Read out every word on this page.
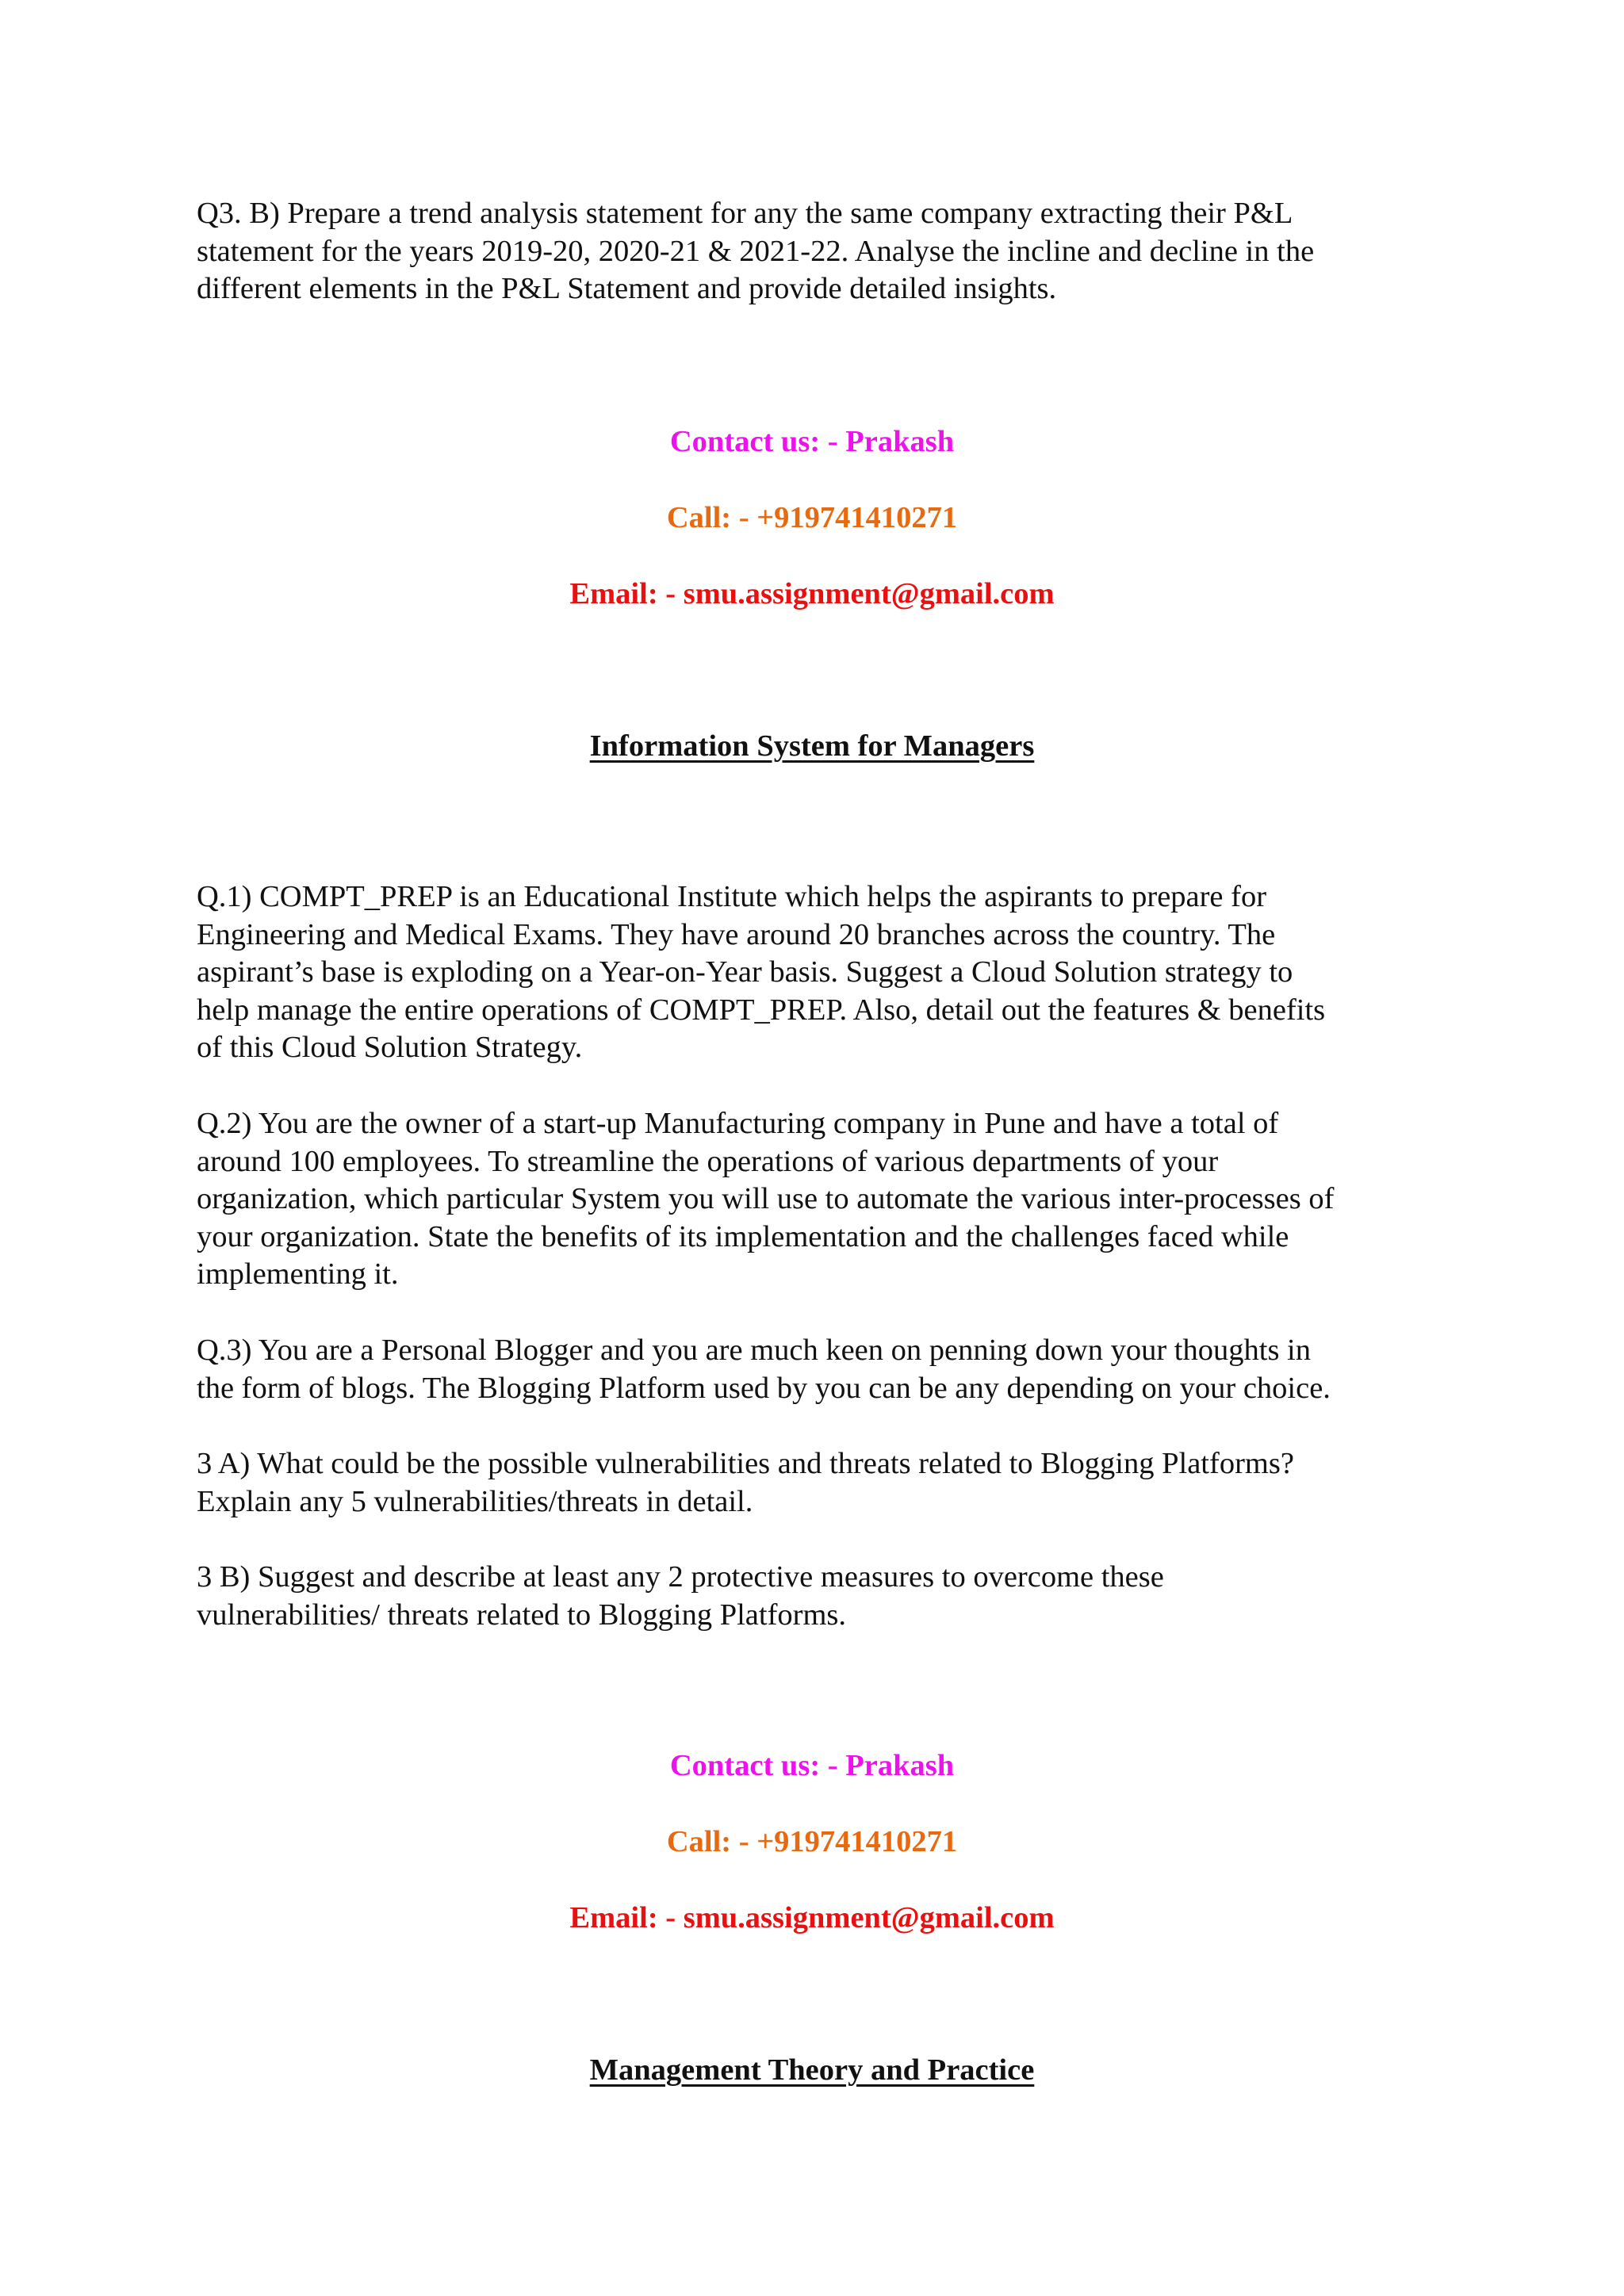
Q3. B) Prepare a trend analysis statement for any the same company extracting their P&L
statement for the years 2019-20, 2020-21 & 2021-22. Analyse the incline and decline in the
different elements in the P&L Statement and provide detailed insights.

Contact us: - Prakash

Call: - +919741410271

Email: - smu.assignment@gmail.com

Information System for Managers

Q.1) COMPT_PREP is an Educational Institute which helps the aspirants to prepare for
Engineering and Medical Exams. They have around 20 branches across the country. The
aspirant’s base is exploding on a Year-on-Year basis. Suggest a Cloud Solution strategy to
help manage the entire operations of COMPT_PREP. Also, detail out the features & benefits
of this Cloud Solution Strategy.

Q.2) You are the owner of a start-up Manufacturing company in Pune and have a total of
around 100 employees. To streamline the operations of various departments of your
organization, which particular System you will use to automate the various inter-processes of
your organization. State the benefits of its implementation and the challenges faced while
implementing it.

Q.3) You are a Personal Blogger and you are much keen on penning down your thoughts in
the form of blogs. The Blogging Platform used by you can be any depending on your choice.

3 A) What could be the possible vulnerabilities and threats related to Blogging Platforms?
Explain any 5 vulnerabilities/threats in detail.

3 B) Suggest and describe at least any 2 protective measures to overcome these
vulnerabilities/ threats related to Blogging Platforms.

Contact us: - Prakash

Call: - +919741410271

Email: - smu.assignment@gmail.com

Management Theory and Practice
